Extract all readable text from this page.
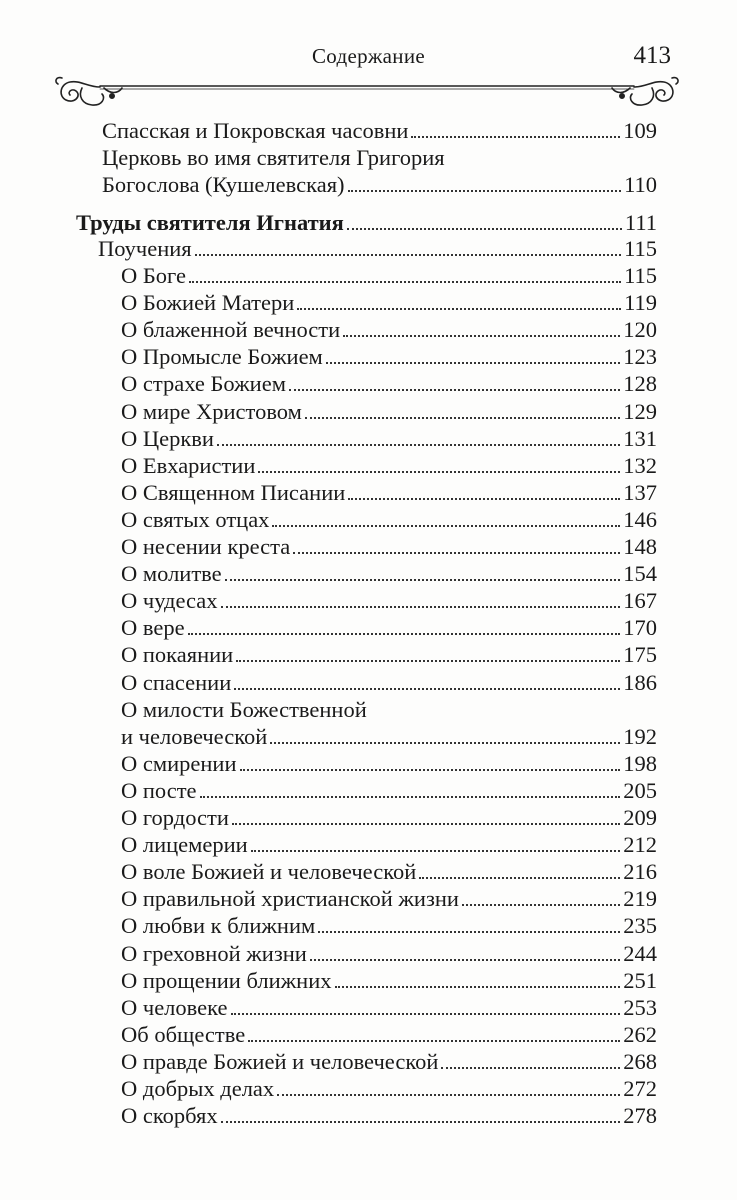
Содержание	413
Спасская и Покровская часовни	109
Церковь во имя святителя Григория
Богослова (Кушелевская)	110
Труды святителя Игнатия	111
Поучения	115
О Боге	115
О Божией Матери	119
О блаженной вечности	120
О Промысле Божием	123
О страхе Божием	128
О мире Христовом	129
О Церкви	131
О Евхаристии	132
О Священном Писании	137
О святых отцах	146
О несении креста	148
О молитве	154
О чудесах	167
О вере	170
О покаянии	175
О спасении	186
О милости Божественной
и человеческой	192
О смирении	198
О посте	205
О гордости	209
О лицемерии	212
О воле Божией и человеческой	216
О правильной христианской жизни	219
О любви к ближним	235
О греховной жизни	244
О прощении ближних	251
О человеке	253
Об обществе	262
О правде Божией и человеческой	268
О добрых делах	272
О скорбях	278
